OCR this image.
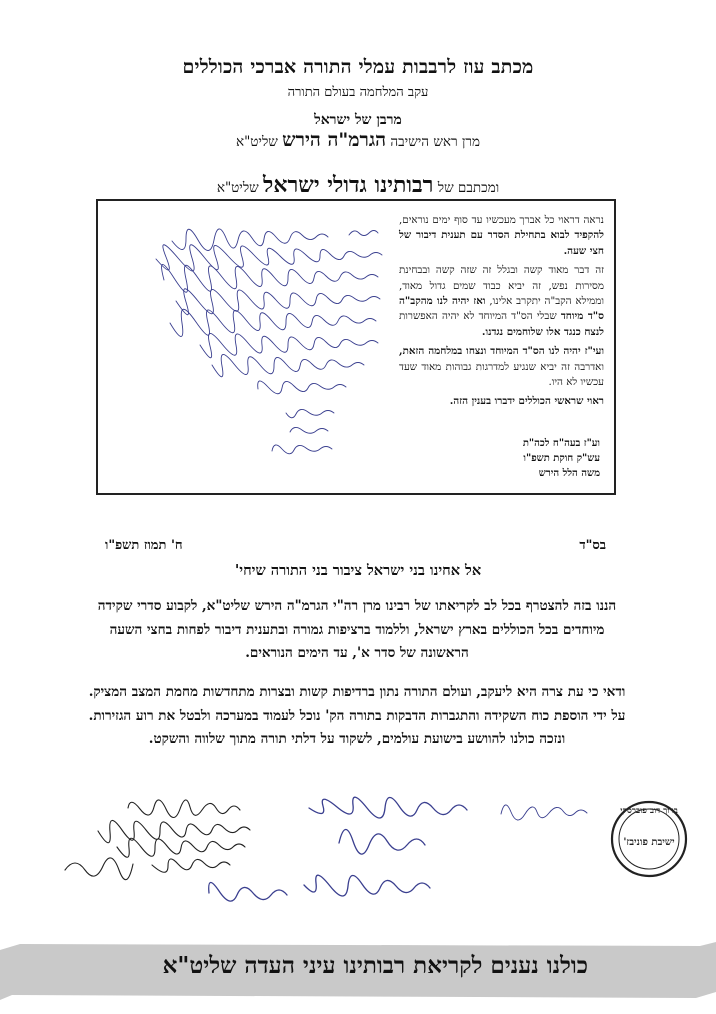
מכתב עוז לרבבות עמלי התורה אברכי הכוללים
עקב המלחמה בעולם התורה
מרבן של ישראל
מרן ראש הישיבה הגרמ"ה הירש שליט"א
ומכתבם של רבותינו גדולי ישראל שליט"א

נראה דראוי כל אברך מעכשיו עד סוף ימים נוראים, להקפיד לבוא בתחילת הסדר עם תענית דיבור של חצי שעה.

זה דבר מאוד קשה ובגלל זה שזה קשה ובבחינת מסירות נפש, זה יביא כבוד שמים גדול מאוד, וממילא הקב"ה יתקרב אלינו, ואז יהיה לנו מהקב"ה ס"ד מיוחד שבלי הס"ד המיוחד לא יהיה האפשרות לנצח כנגד אלו שלוחמים נגדנו.

ועי"ז יהיה לנו הס"ד המיוחד ונצחו במלחמה הזאת, ואדרבה זה יביא שנגיע למדרגות גבוהות מאוד שעד עכשיו לא היו.

ראוי שראשי הכוללים ידברו בענין הזה.

וע"ז בעה"ח לכה"ת
עש"ק חוקת תשפ"ו
משה הלל הירש
בס"ד
ח' תמוז תשפ"ו
אל אחינו בני ישראל ציבור בני התורה שיחי'
הננו בזה להצטרף בכל לב לקריאתו של רבינו מרן רה"י הגרמ"ה הירש שליט"א, לקבוע סדרי שקידה מיוחדים בכל הכוללים בארץ ישראל, וללמוד ברציפות גמורה ובתענית דיבור לפחות בחצי השעה הראשונה של סדר א', עד הימים הנוראים.
ודאי כי עת צרה היא ליעקב, ועולם התורה נתון ברדיפות קשות ובצרות מתחדשות מחמת המצב המציק. על ידי הוספת כוח השקידה והתגברות הדבקות בתורה הק' נוכל לעמוד במערכה ולבטל את רוע הגזירות. ונזכה כולנו להוושע בישועת עולמים, לשקוד על דלתי תורה מתוך שלווה והשקט.
ברוך דוב פוברסקי
ישיבת פוניבז'
כולנו נענים לקריאת רבותינו עיני העדה שליט"א
